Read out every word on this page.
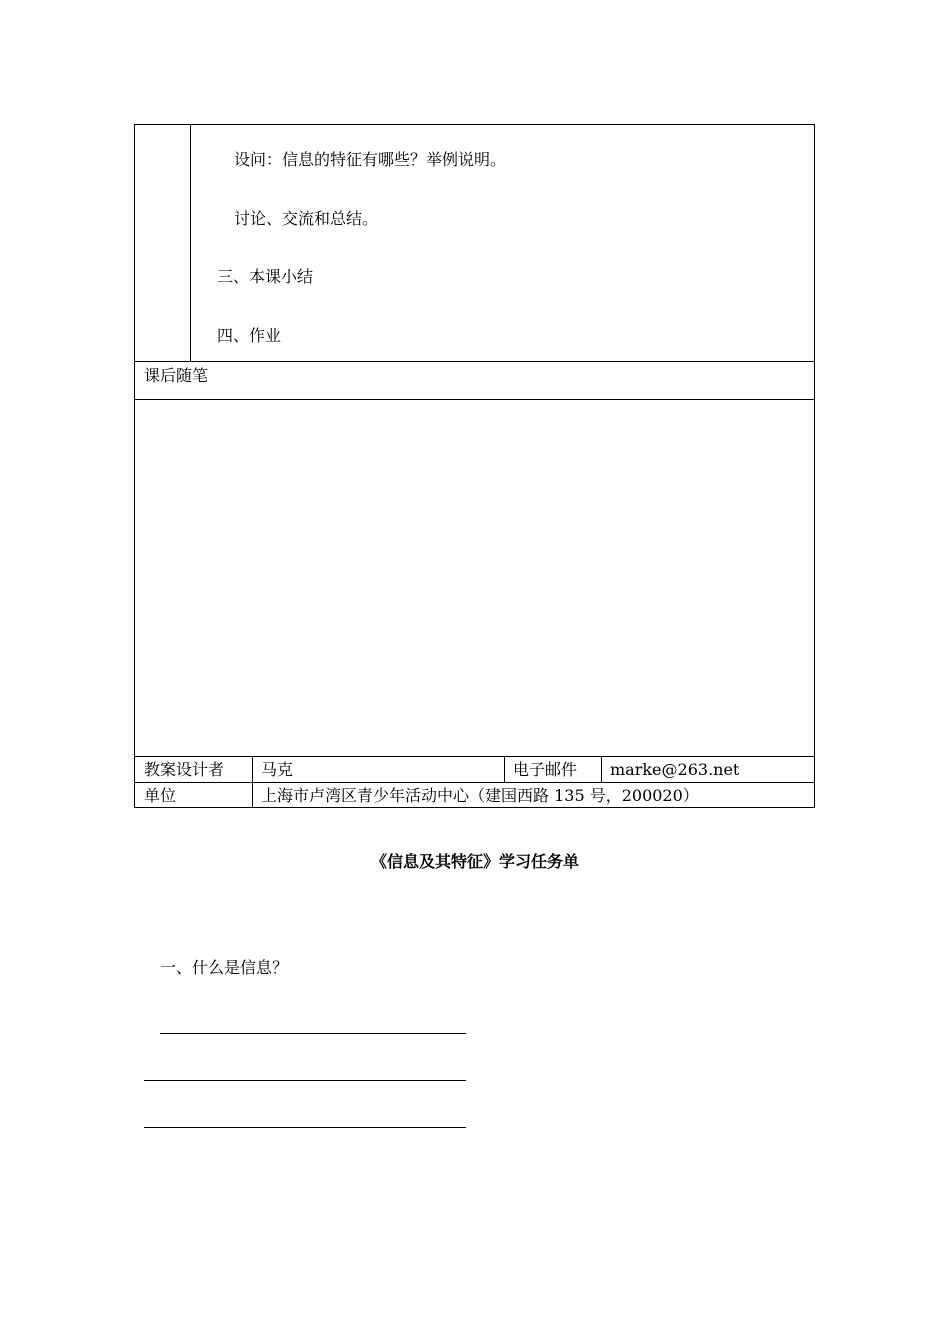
设问：信息的特征有哪些？举例说明。
讨论、交流和总结。
三、本课小结
四、作业
课后随笔
教案设计者 马克	电子邮件 marke@263.net
单位	上海市卢湾区青少年活动中心（建国西路 135 号，200020）
《信息及其特征》学习任务单
一、什么是信息？
